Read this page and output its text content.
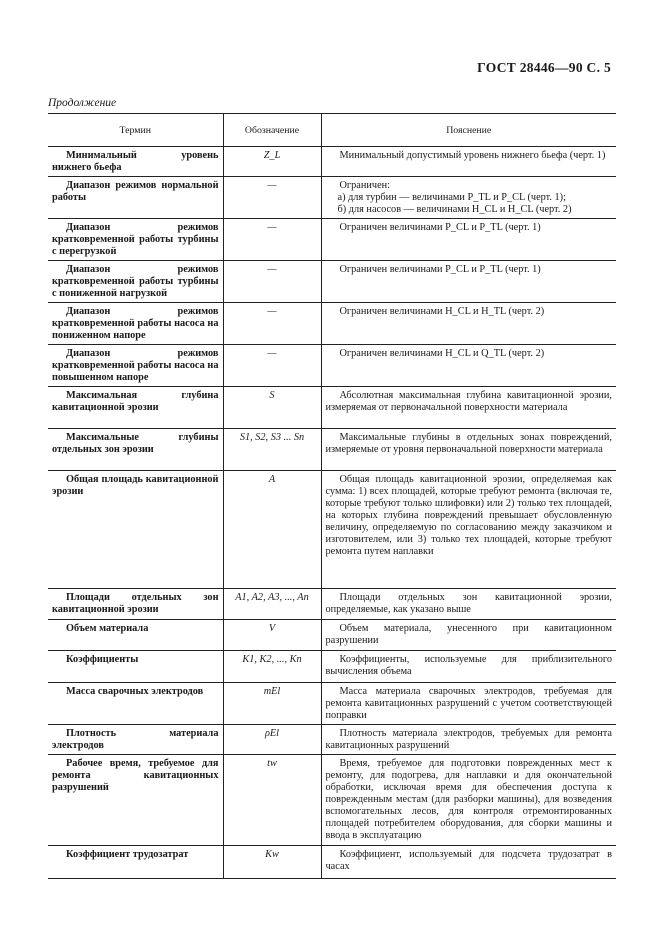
ГОСТ 28446—90 С. 5
Продолжение
Термин	Обозначение	Пояснение
Минимальный уровень нижнего бьефа	Z_L	Минимальный допустимый уровень нижнего бьефа (черт. 1)

Диапазон режимов нормальной работы	—	Ограничен:
а) для турбин — величинами P_TL и P_CL (черт. 1);
б) для насосов — величинами H_CL и H_CL (черт. 2)

Диапазон режимов кратковременной работы турбины с перегрузкой	—	Ограничен величинами P_CL и P_TL (черт. 1)

Диапазон режимов кратковременной работы турбины с пониженной нагрузкой	—	Ограничен величинами P_CL и P_TL (черт. 1)

Диапазон режимов кратковременной работы насоса на пониженном напоре	—	Ограничен величинами H_CL и H_TL (черт. 2)

Диапазон режимов кратковременной работы насоса на повышенном напоре	—	Ограничен величинами H_CL и Q_TL (черт. 2)

Максимальная глубина кавитационной эрозии	S	Абсолютная максимальная глубина кавитационной эрозии, измеряемая от первоначальной поверхности материала

Максимальные глубины отдельных зон эрозии	S1, S2, S3 ... Sn	Максимальные глубины в отдельных зонах повреждений, измеряемые от уровня первоначальной поверхности материала

Общая площадь кавитационной эрозии	A	Общая площадь кавитационной эрозии, определяемая как сумма: 1) всех площадей, которые требуют ремонта (включая те, которые требуют только шлифовки) или 2) только тех площадей, на которых глубина повреждений превышает обусловленную величину, определяемую по согласованию между заказчиком и изготовителем, или 3) только тех площадей, которые требуют ремонта путем наплавки

Площади отдельных зон кавитационной эрозии	A1, A2, A3, ..., An	Площади отдельных зон кавитационной эрозии, определяемые, как указано выше

Объем материала	V	Объем материала, унесенного при кавитационном разрушении

Коэффициенты	K1, K2, ..., Kn	Коэффициенты, используемые для приблизительного вычисления объема

Масса сварочных электродов	mEl	Масса материала сварочных электродов, требуемая для ремонта кавитационных разрушений с учетом соответствующей поправки

Плотность материала электродов	ρEl	Плотность материала электродов, требуемых для ремонта кавитационных разрушений

Рабочее время, требуемое для ремонта кавитационных разрушений	tw	Время, требуемое для подготовки поврежденных мест к ремонту, для подогрева, для наплавки и для окончательной обработки, исключая время для обеспечения доступа к поврежденным местам (для разборки машины), для возведения вспомогательных лесов, для контроля отремонтированных площадей потребителем оборудования, для сборки машины и ввода в эксплуатацию

Коэффициент трудозатрат	Kw	Коэффициент, используемый для подсчета трудозатрат в часах
